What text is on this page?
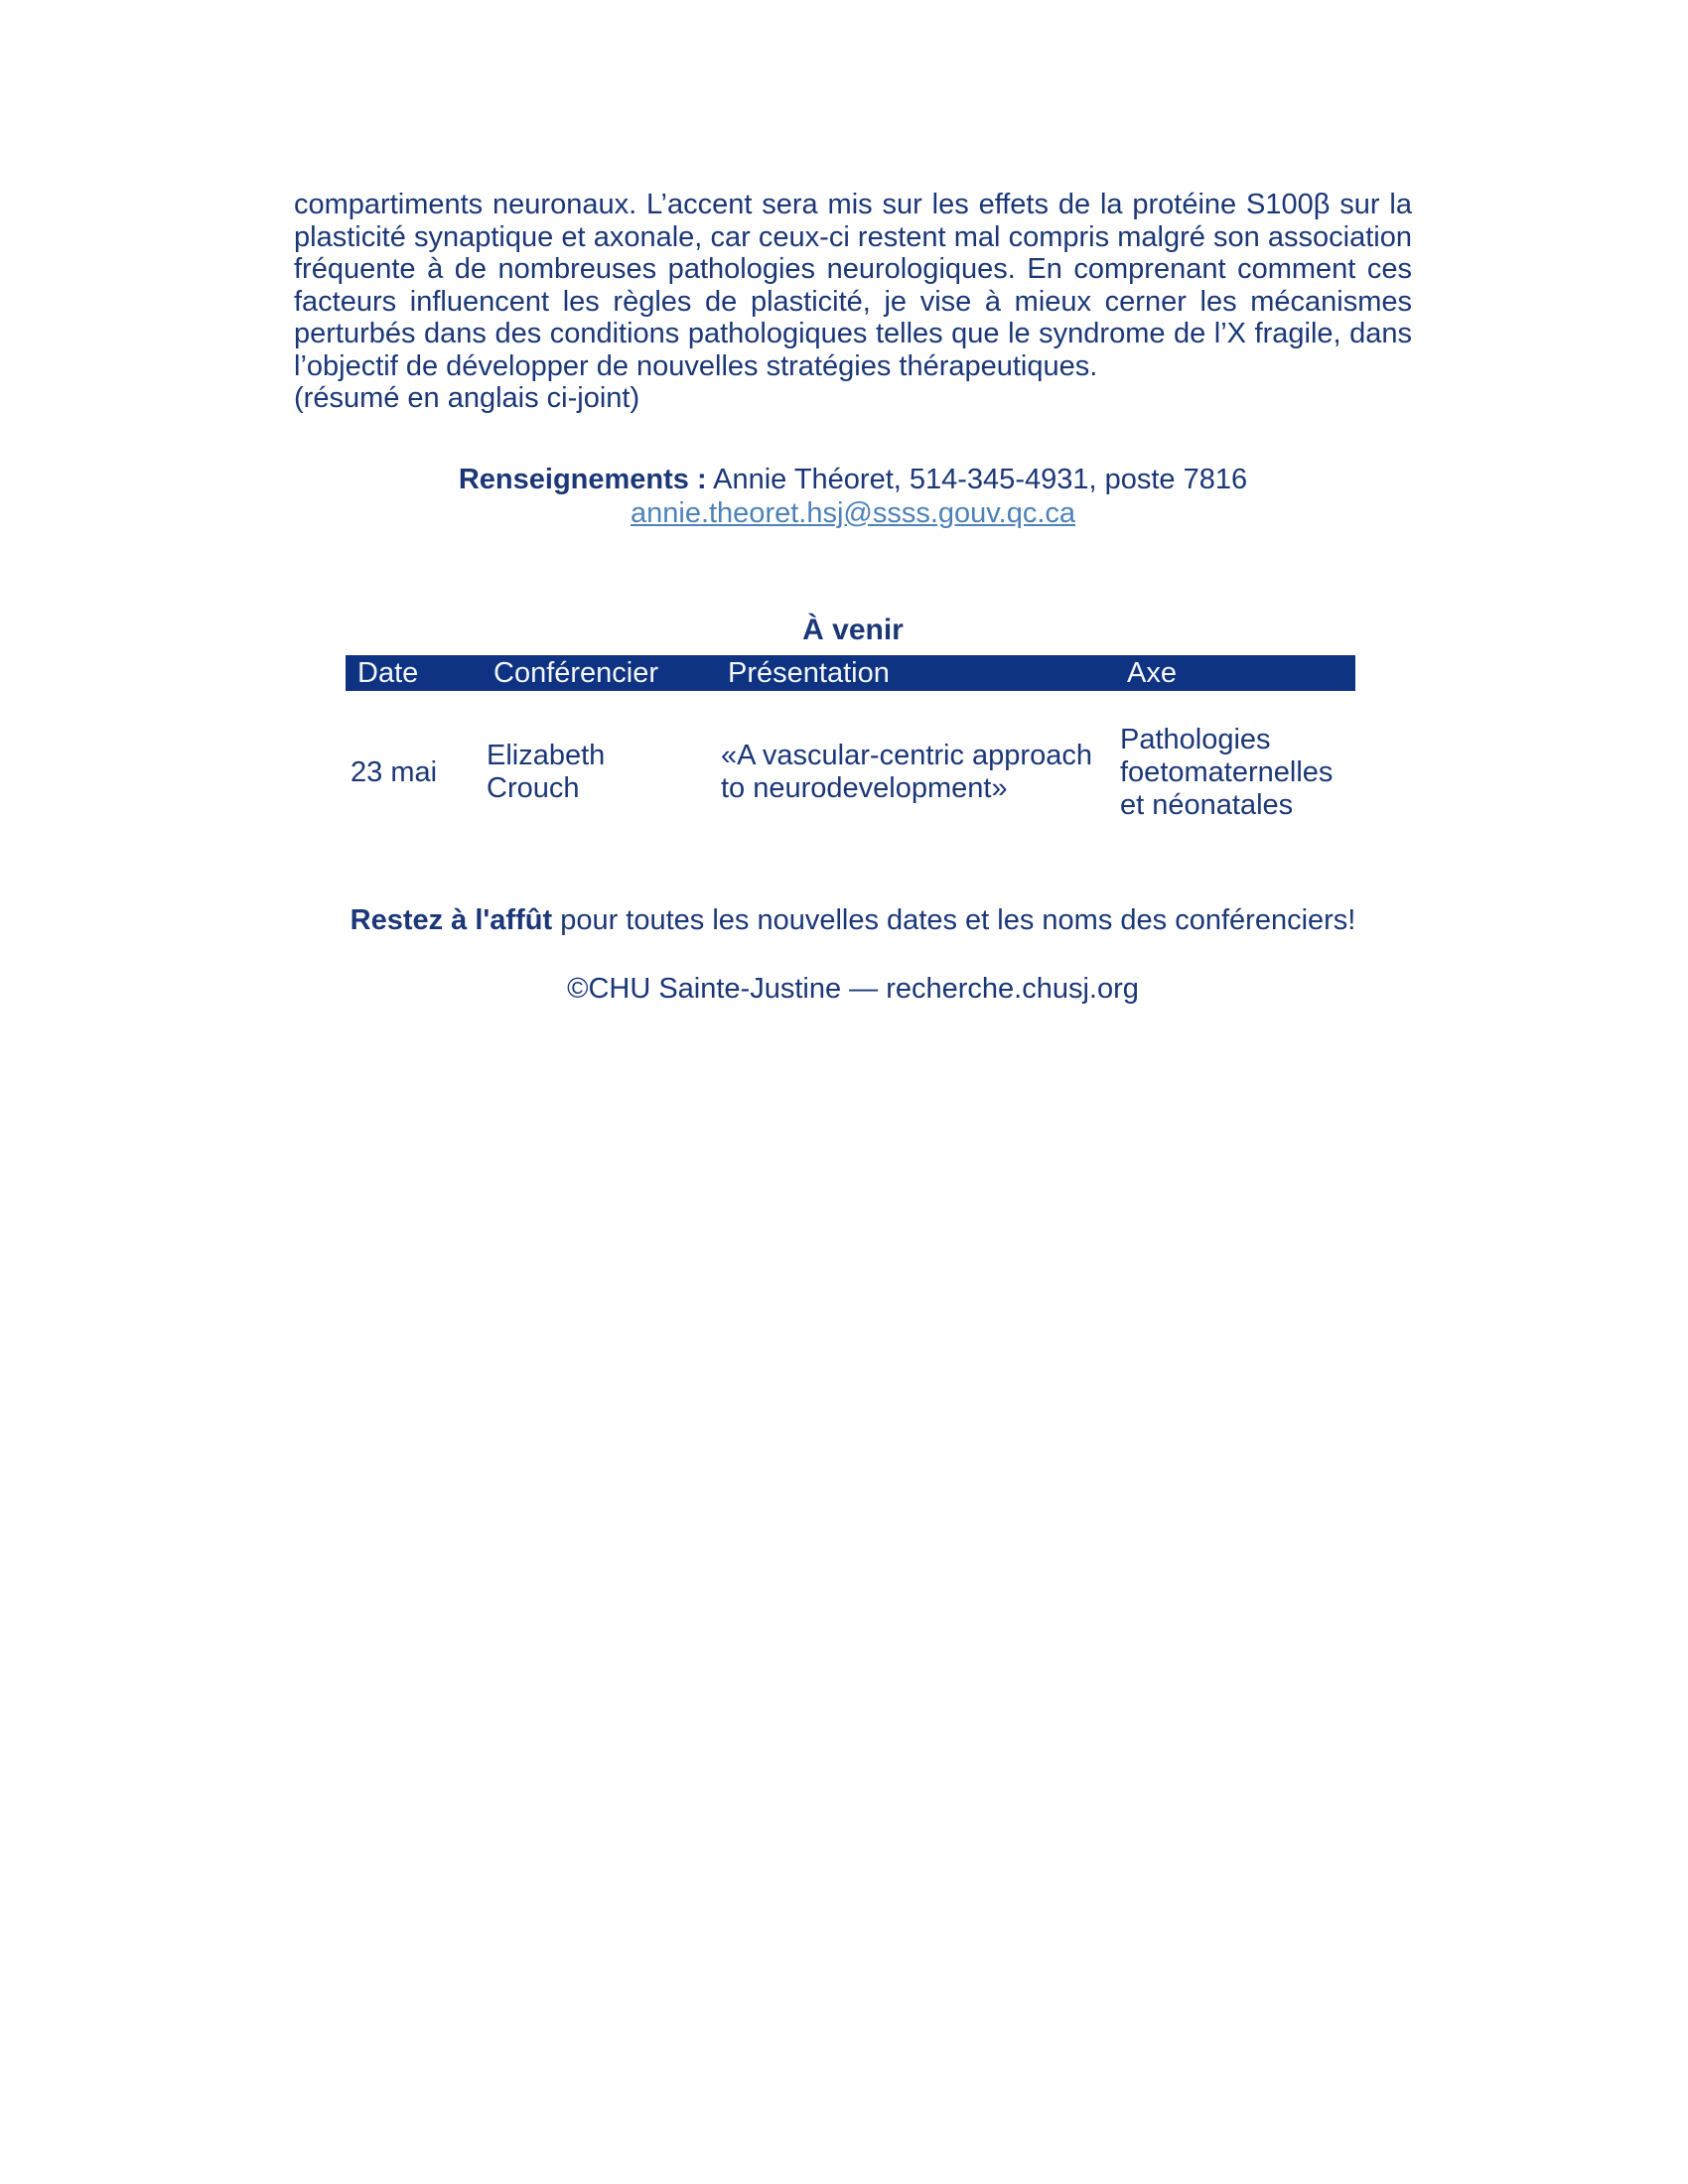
compartiments neuronaux. L’accent sera mis sur les effets de la protéine S100β sur la plasticité synaptique et axonale, car ceux-ci restent mal compris malgré son association fréquente à de nombreuses pathologies neurologiques. En comprenant comment ces facteurs influencent les règles de plasticité, je vise à mieux cerner les mécanismes perturbés dans des conditions pathologiques telles que le syndrome de l’X fragile, dans l’objectif de développer de nouvelles stratégies thérapeutiques.

(résumé en anglais ci-joint)

Renseignements : Annie Théoret, 514-345-4931, poste 7816
annie.theoret.hsj@ssss.gouv.qc.ca
À venir
Date	Conférencier	Présentation	Axe
23 mai	Elizabeth Crouch	«A vascular-centric approach to neurodevelopment»	Pathologies foetomaternelles et néonatales
Restez à l'affût pour toutes les nouvelles dates et les noms des conférenciers!
©CHU Sainte-Justine — recherche.chusj.org
